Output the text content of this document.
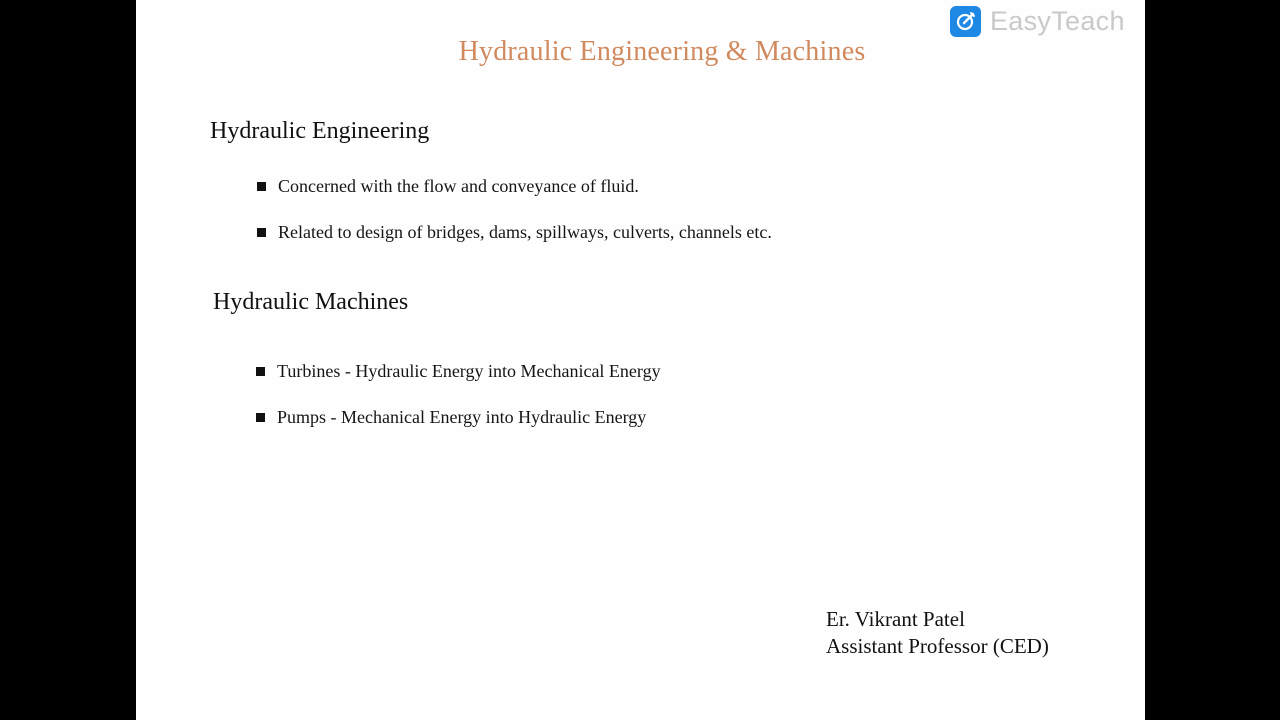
Hydraulic Engineering & Machines
Hydraulic Engineering
Concerned with the flow and conveyance of fluid.
Related to design of bridges, dams, spillways, culverts, channels etc.
Hydraulic Machines
Turbines - Hydraulic Energy into Mechanical Energy
Pumps - Mechanical Energy into Hydraulic Energy
Er. Vikrant Patel
Assistant Professor (CED)
EasyTeach
